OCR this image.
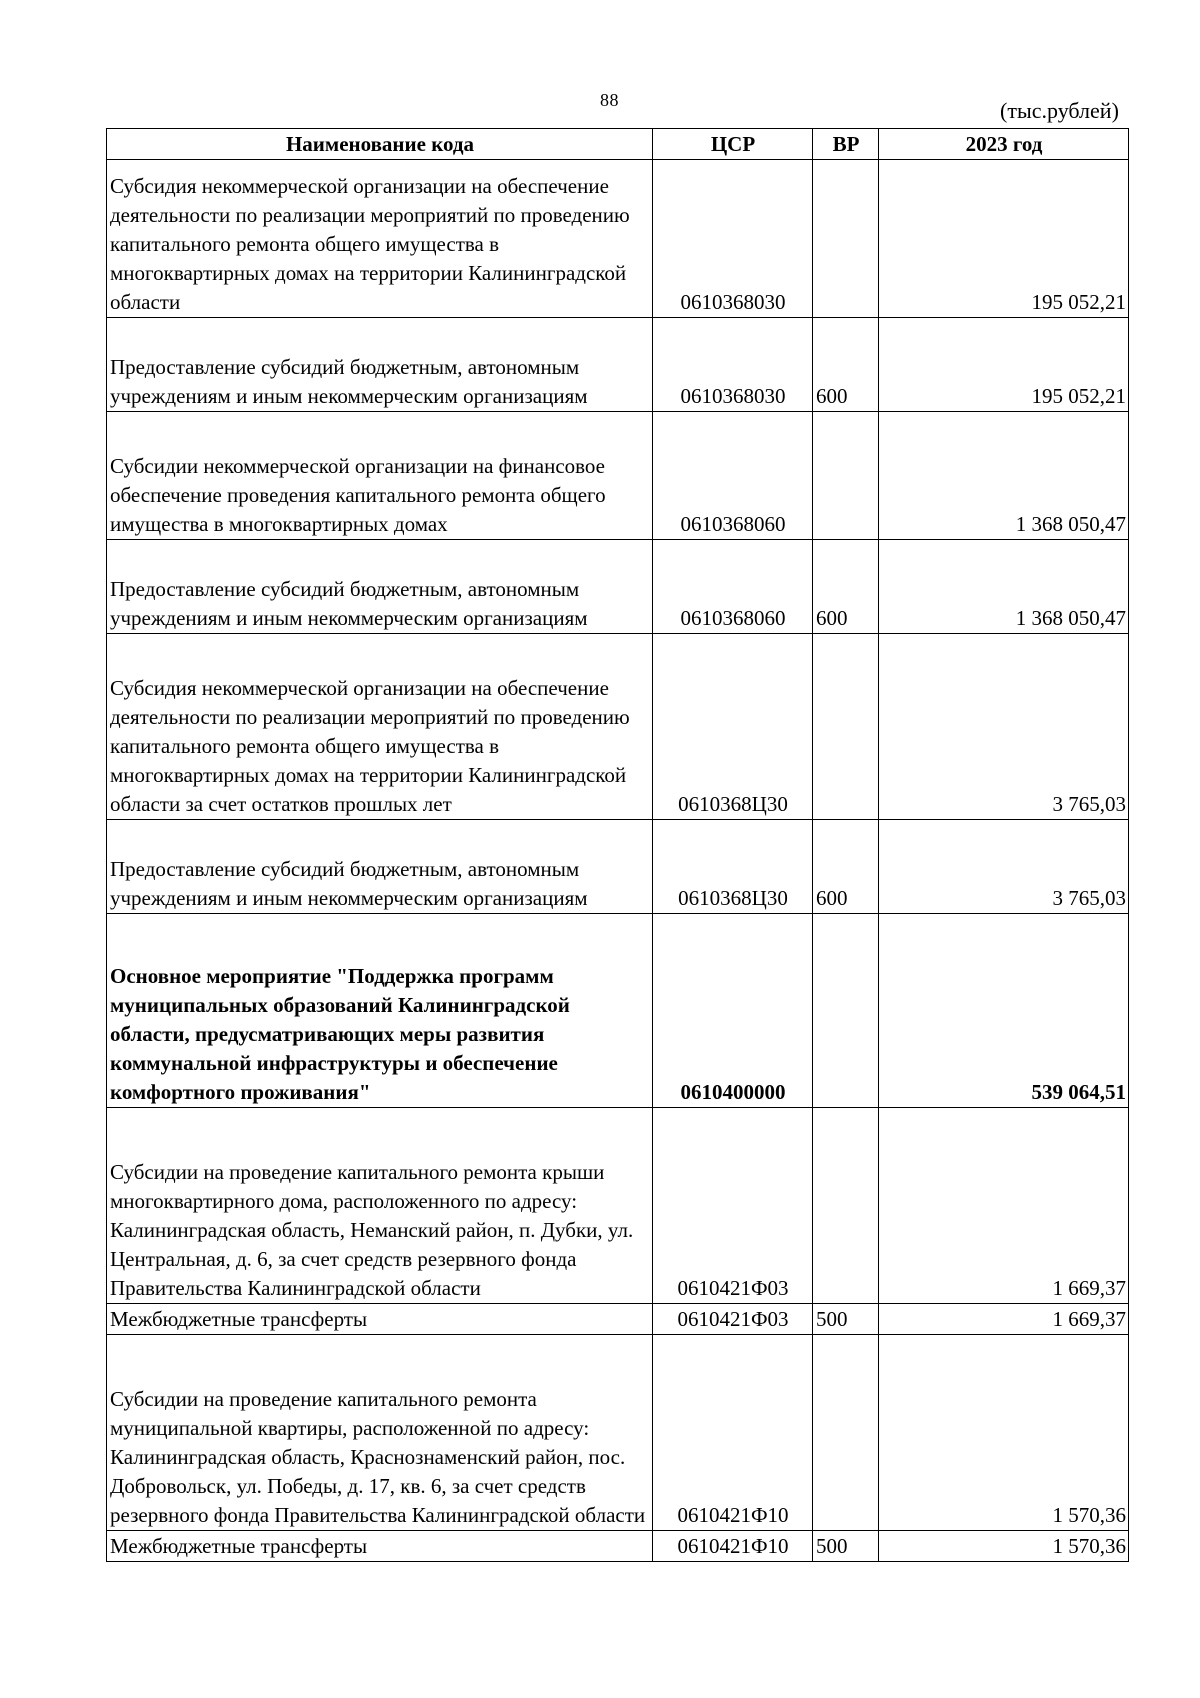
88	(тыс.рублей)
Наименование кода	ЦСР	ВР	2023 год
Субсидия некоммерческой организации на обеспечение деятельности по реализации мероприятий по проведению капитального ремонта общего имущества в многоквартирных домах на территории Калининградской области	0610368030		195 052,21
Предоставление субсидий бюджетным, автономным учреждениям и иным некоммерческим организациям	0610368030	600	195 052,21
Субсидии некоммерческой организации на финансовое обеспечение проведения капитального ремонта общего имущества в многоквартирных домах	0610368060		1 368 050,47
Предоставление субсидий бюджетным, автономным учреждениям и иным некоммерческим организациям	0610368060	600	1 368 050,47
Субсидия некоммерческой организации на обеспечение деятельности по реализации мероприятий по проведению капитального ремонта общего имущества в многоквартирных домах на территории Калининградской области за счет остатков прошлых лет	0610368Ц30		3 765,03
Предоставление субсидий бюджетным, автономным учреждениям и иным некоммерческим организациям	0610368Ц30	600	3 765,03
Основное мероприятие "Поддержка программ муниципальных образований Калининградской области, предусматривающих меры развития коммунальной инфраструктуры и обеспечение комфортного проживания"	0610400000		539 064,51
Субсидии на проведение капитального ремонта крыши многоквартирного дома, расположенного по адресу: Калининградская область, Неманский район, п. Дубки, ул. Центральная, д. 6, за счет средств резервного фонда Правительства Калининградской области	0610421Ф03		1 669,37
Межбюджетные трансферты	0610421Ф03	500	1 669,37
Субсидии на проведение капитального ремонта муниципальной квартиры, расположенной по адресу: Калининградская область, Краснознаменский район, пос. Добровольск, ул. Победы, д. 17, кв. 6, за счет средств резервного фонда Правительства Калининградской области	0610421Ф10		1 570,36
Межбюджетные трансферты	0610421Ф10	500	1 570,36
